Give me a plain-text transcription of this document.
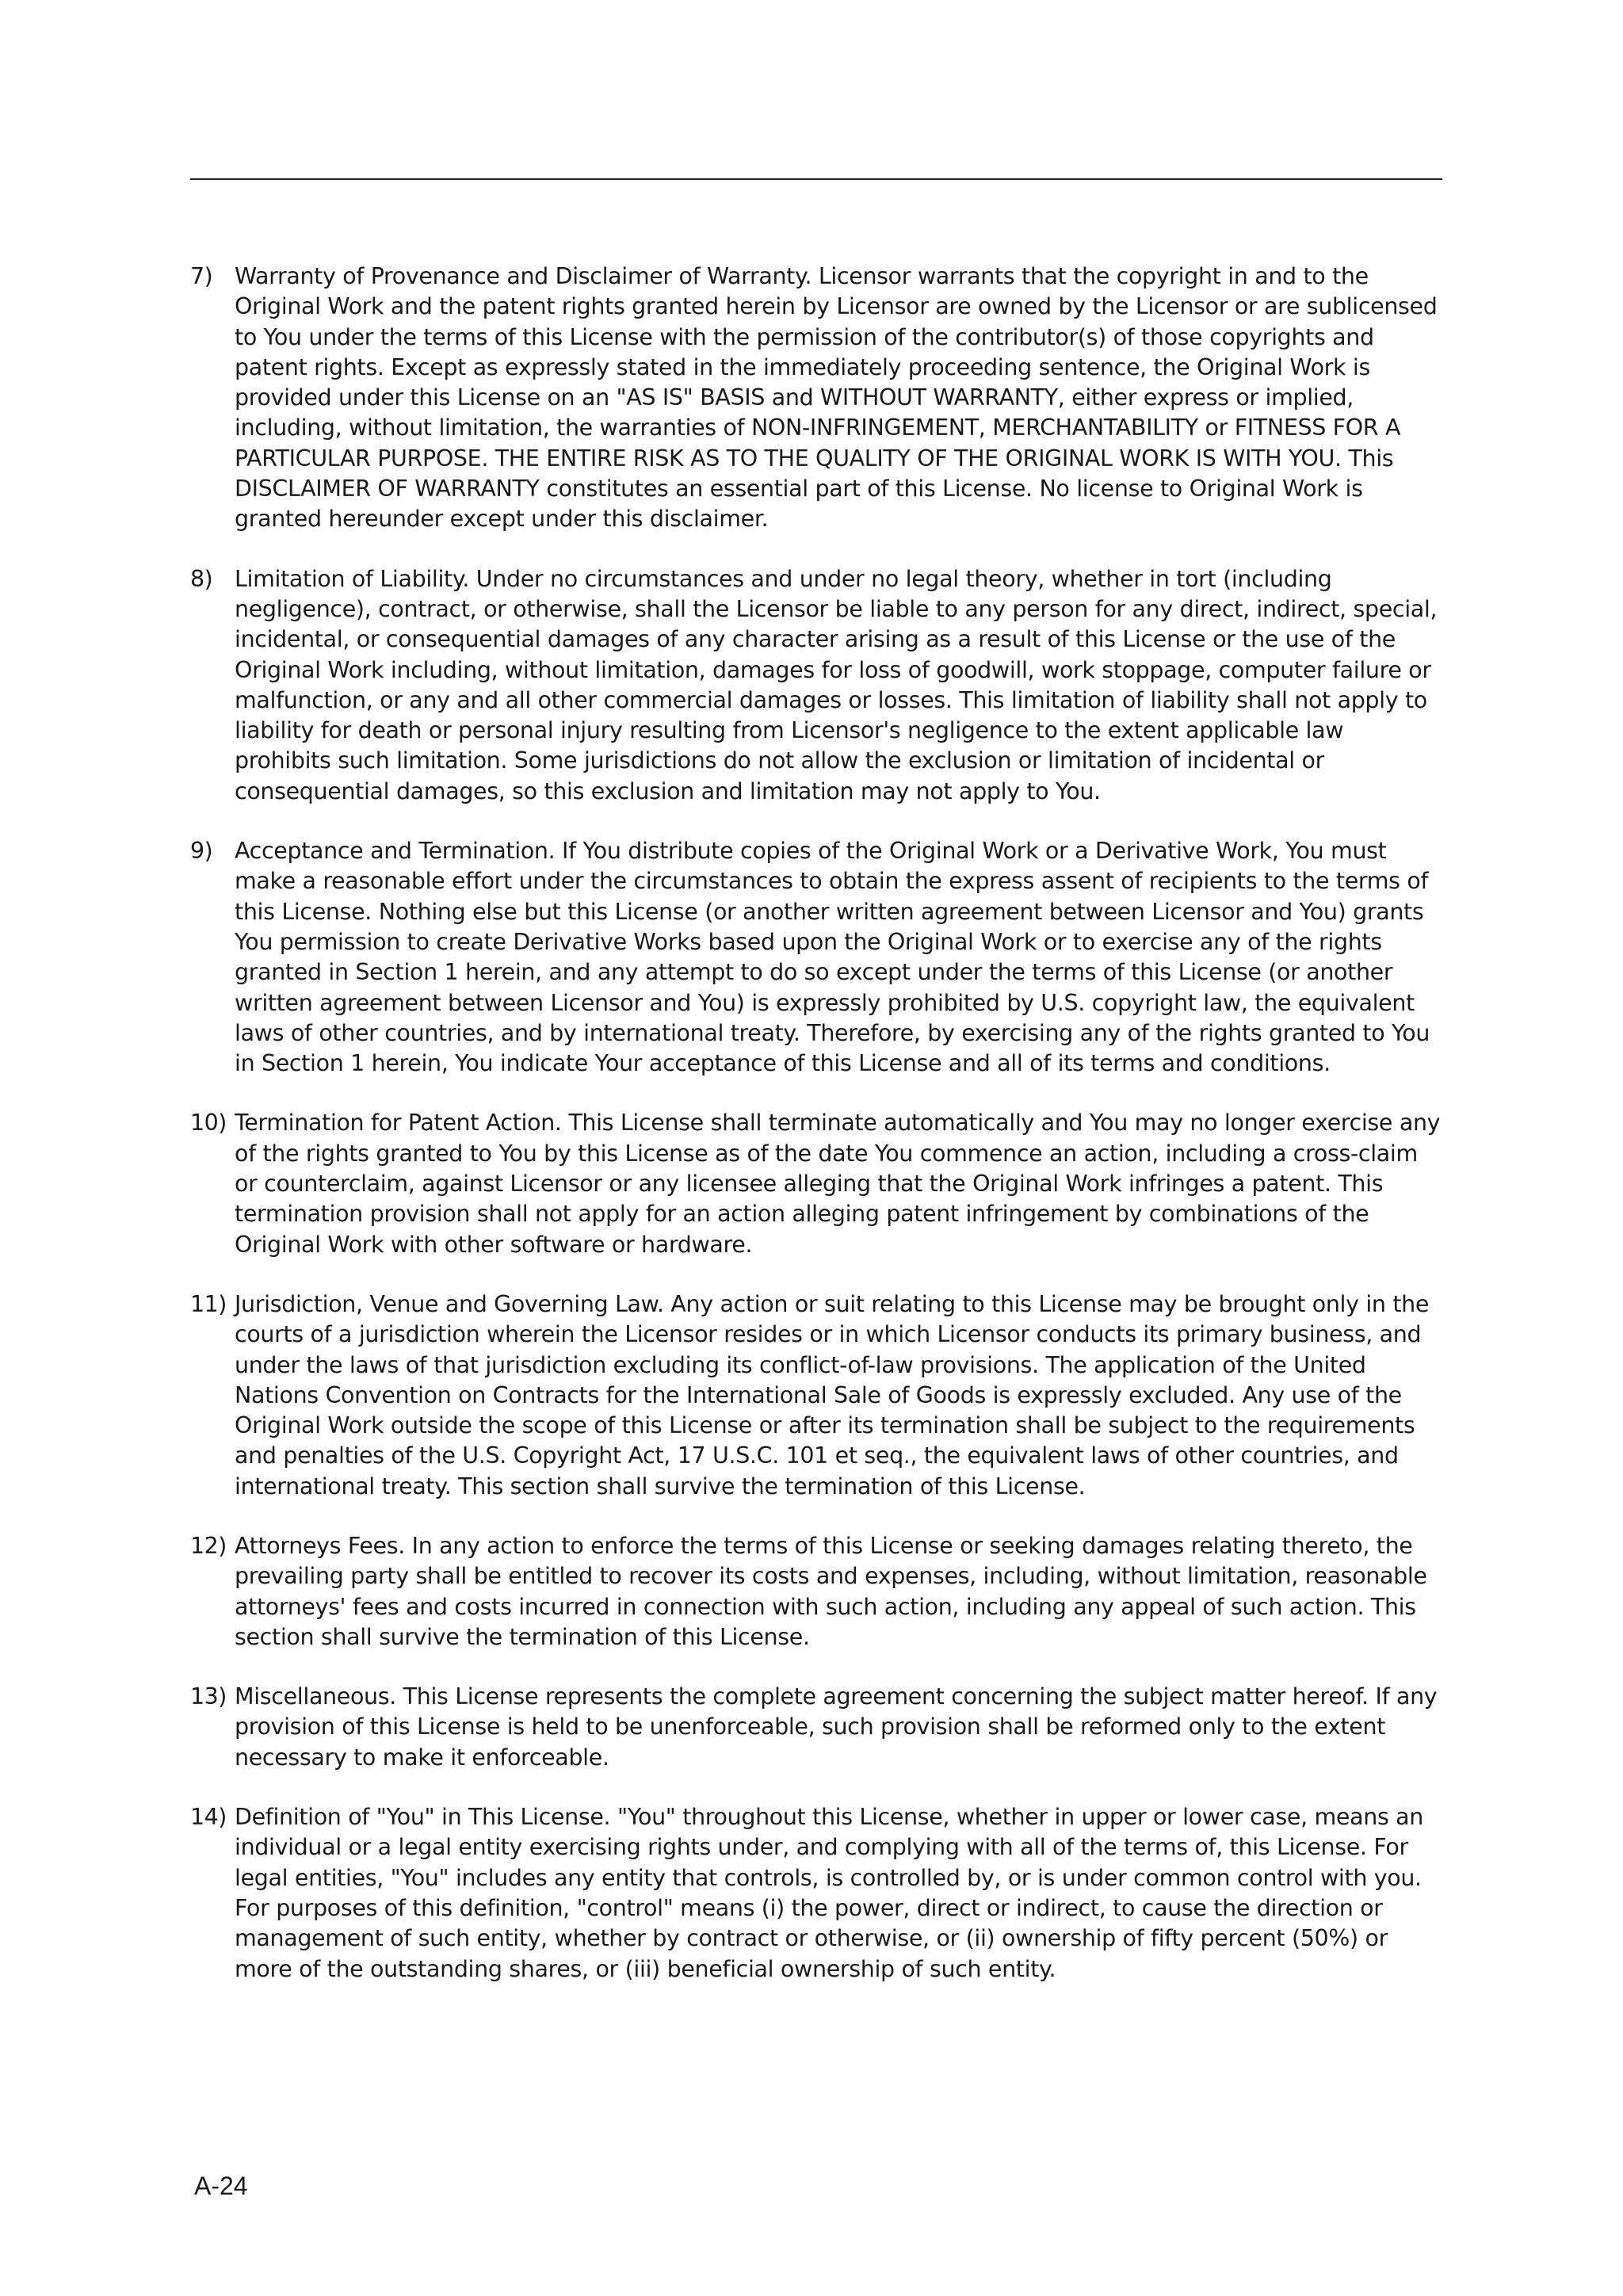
7) Warranty of Provenance and Disclaimer of Warranty. Licensor warrants that the copyright in and to the Original Work and the patent rights granted herein by Licensor are owned by the Licensor or are sublicensed to You under the terms of this License with the permission of the contributor(s) of those copyrights and patent rights. Except as expressly stated in the immediately proceeding sentence, the Original Work is provided under this License on an "AS IS" BASIS and WITHOUT WARRANTY, either express or implied, including, without limitation, the warranties of NON-INFRINGEMENT, MERCHANTABILITY or FITNESS FOR A PARTICULAR PURPOSE. THE ENTIRE RISK AS TO THE QUALITY OF THE ORIGINAL WORK IS WITH YOU. This DISCLAIMER OF WARRANTY constitutes an essential part of this License. No license to Original Work is granted hereunder except under this disclaimer.
8) Limitation of Liability. Under no circumstances and under no legal theory, whether in tort (including negligence), contract, or otherwise, shall the Licensor be liable to any person for any direct, indirect, special, incidental, or consequential damages of any character arising as a result of this License or the use of the Original Work including, without limitation, damages for loss of goodwill, work stoppage, computer failure or malfunction, or any and all other commercial damages or losses. This limitation of liability shall not apply to liability for death or personal injury resulting from Licensor's negligence to the extent applicable law prohibits such limitation. Some jurisdictions do not allow the exclusion or limitation of incidental or consequential damages, so this exclusion and limitation may not apply to You.
9) Acceptance and Termination. If You distribute copies of the Original Work or a Derivative Work, You must make a reasonable effort under the circumstances to obtain the express assent of recipients to the terms of this License. Nothing else but this License (or another written agreement between Licensor and You) grants You permission to create Derivative Works based upon the Original Work or to exercise any of the rights granted in Section 1 herein, and any attempt to do so except under the terms of this License (or another written agreement between Licensor and You) is expressly prohibited by U.S. copyright law, the equivalent laws of other countries, and by international treaty. Therefore, by exercising any of the rights granted to You in Section 1 herein, You indicate Your acceptance of this License and all of its terms and conditions.
10) Termination for Patent Action. This License shall terminate automatically and You may no longer exercise any of the rights granted to You by this License as of the date You commence an action, including a cross-claim or counterclaim, against Licensor or any licensee alleging that the Original Work infringes a patent. This termination provision shall not apply for an action alleging patent infringement by combinations of the Original Work with other software or hardware.
11) Jurisdiction, Venue and Governing Law. Any action or suit relating to this License may be brought only in the courts of a jurisdiction wherein the Licensor resides or in which Licensor conducts its primary business, and under the laws of that jurisdiction excluding its conflict-of-law provisions. The application of the United Nations Convention on Contracts for the International Sale of Goods is expressly excluded. Any use of the Original Work outside the scope of this License or after its termination shall be subject to the requirements and penalties of the U.S. Copyright Act, 17 U.S.C. 101 et seq., the equivalent laws of other countries, and international treaty. This section shall survive the termination of this License.
12) Attorneys Fees. In any action to enforce the terms of this License or seeking damages relating thereto, the prevailing party shall be entitled to recover its costs and expenses, including, without limitation, reasonable attorneys' fees and costs incurred in connection with such action, including any appeal of such action. This section shall survive the termination of this License.
13) Miscellaneous. This License represents the complete agreement concerning the subject matter hereof. If any provision of this License is held to be unenforceable, such provision shall be reformed only to the extent necessary to make it enforceable.
14) Definition of "You" in This License. "You" throughout this License, whether in upper or lower case, means an individual or a legal entity exercising rights under, and complying with all of the terms of, this License. For legal entities, "You" includes any entity that controls, is controlled by, or is under common control with you. For purposes of this definition, "control" means (i) the power, direct or indirect, to cause the direction or management of such entity, whether by contract or otherwise, or (ii) ownership of fifty percent (50%) or more of the outstanding shares, or (iii) beneficial ownership of such entity.
A-24
